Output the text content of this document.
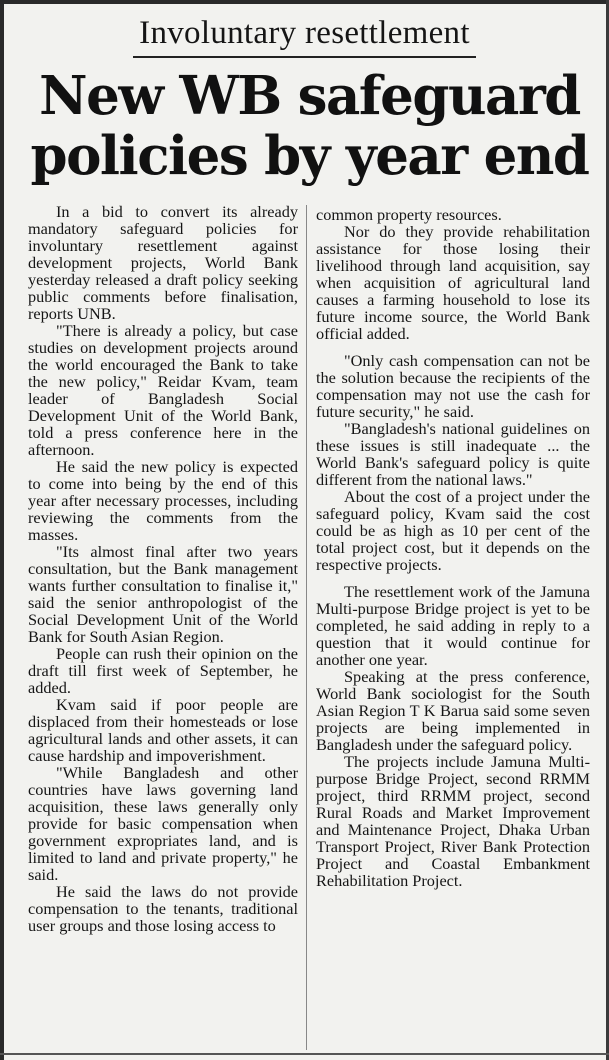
Involuntary resettlement
New WB safeguard policies by year end

In a bid to convert its already mandatory safeguard policies for involuntary resettlement against development projects, World Bank yesterday released a draft policy seeking public comments before finalisation, reports UNB.

"There is already a policy, but case studies on development projects around the world encouraged the Bank to take the new policy," Reidar Kvam, team leader of Bangladesh Social Development Unit of the World Bank, told a press conference here in the afternoon.

He said the new policy is expected to come into being by the end of this year after necessary processes, including reviewing the comments from the masses.

"Its almost final after two years consultation, but the Bank management wants further consultation to finalise it," said the senior anthropologist of the Social Development Unit of the World Bank for South Asian Region.

People can rush their opinion on the draft till first week of September, he added.

Kvam said if poor people are displaced from their homesteads or lose agricultural lands and other assets, it can cause hardship and impoverishment.

"While Bangladesh and other countries have laws governing land acquisition, these laws generally only provide for basic compensation when government expropriates land, and is limited to land and private property," he said.

He said the laws do not provide compensation to the tenants, traditional user groups and those losing access to

common property resources.

Nor do they provide rehabilitation assistance for those losing their livelihood through land acquisition, say when acquisition of agricultural land causes a farming household to lose its future income source, the World Bank official added.

"Only cash compensation can not be the solution because the recipients of the compensation may not use the cash for future security," he said.

"Bangladesh's national guidelines on these issues is still inadequate ... the World Bank's safeguard policy is quite different from the national laws."

About the cost of a project under the safeguard policy, Kvam said the cost could be as high as 10 per cent of the total project cost, but it depends on the respective projects.

The resettlement work of the Jamuna Multi-purpose Bridge project is yet to be completed, he said adding in reply to a question that it would continue for another one year.

Speaking at the press conference, World Bank sociologist for the South Asian Region T K Barua said some seven projects are being implemented in Bangladesh under the safeguard policy.

The projects include Jamuna Multi-purpose Bridge Project, second RRMM project, third RRMM project, second Rural Roads and Market Improvement and Maintenance Project, Dhaka Urban Transport Project, River Bank Protection Project and Coastal Embankment Rehabilitation Project.
